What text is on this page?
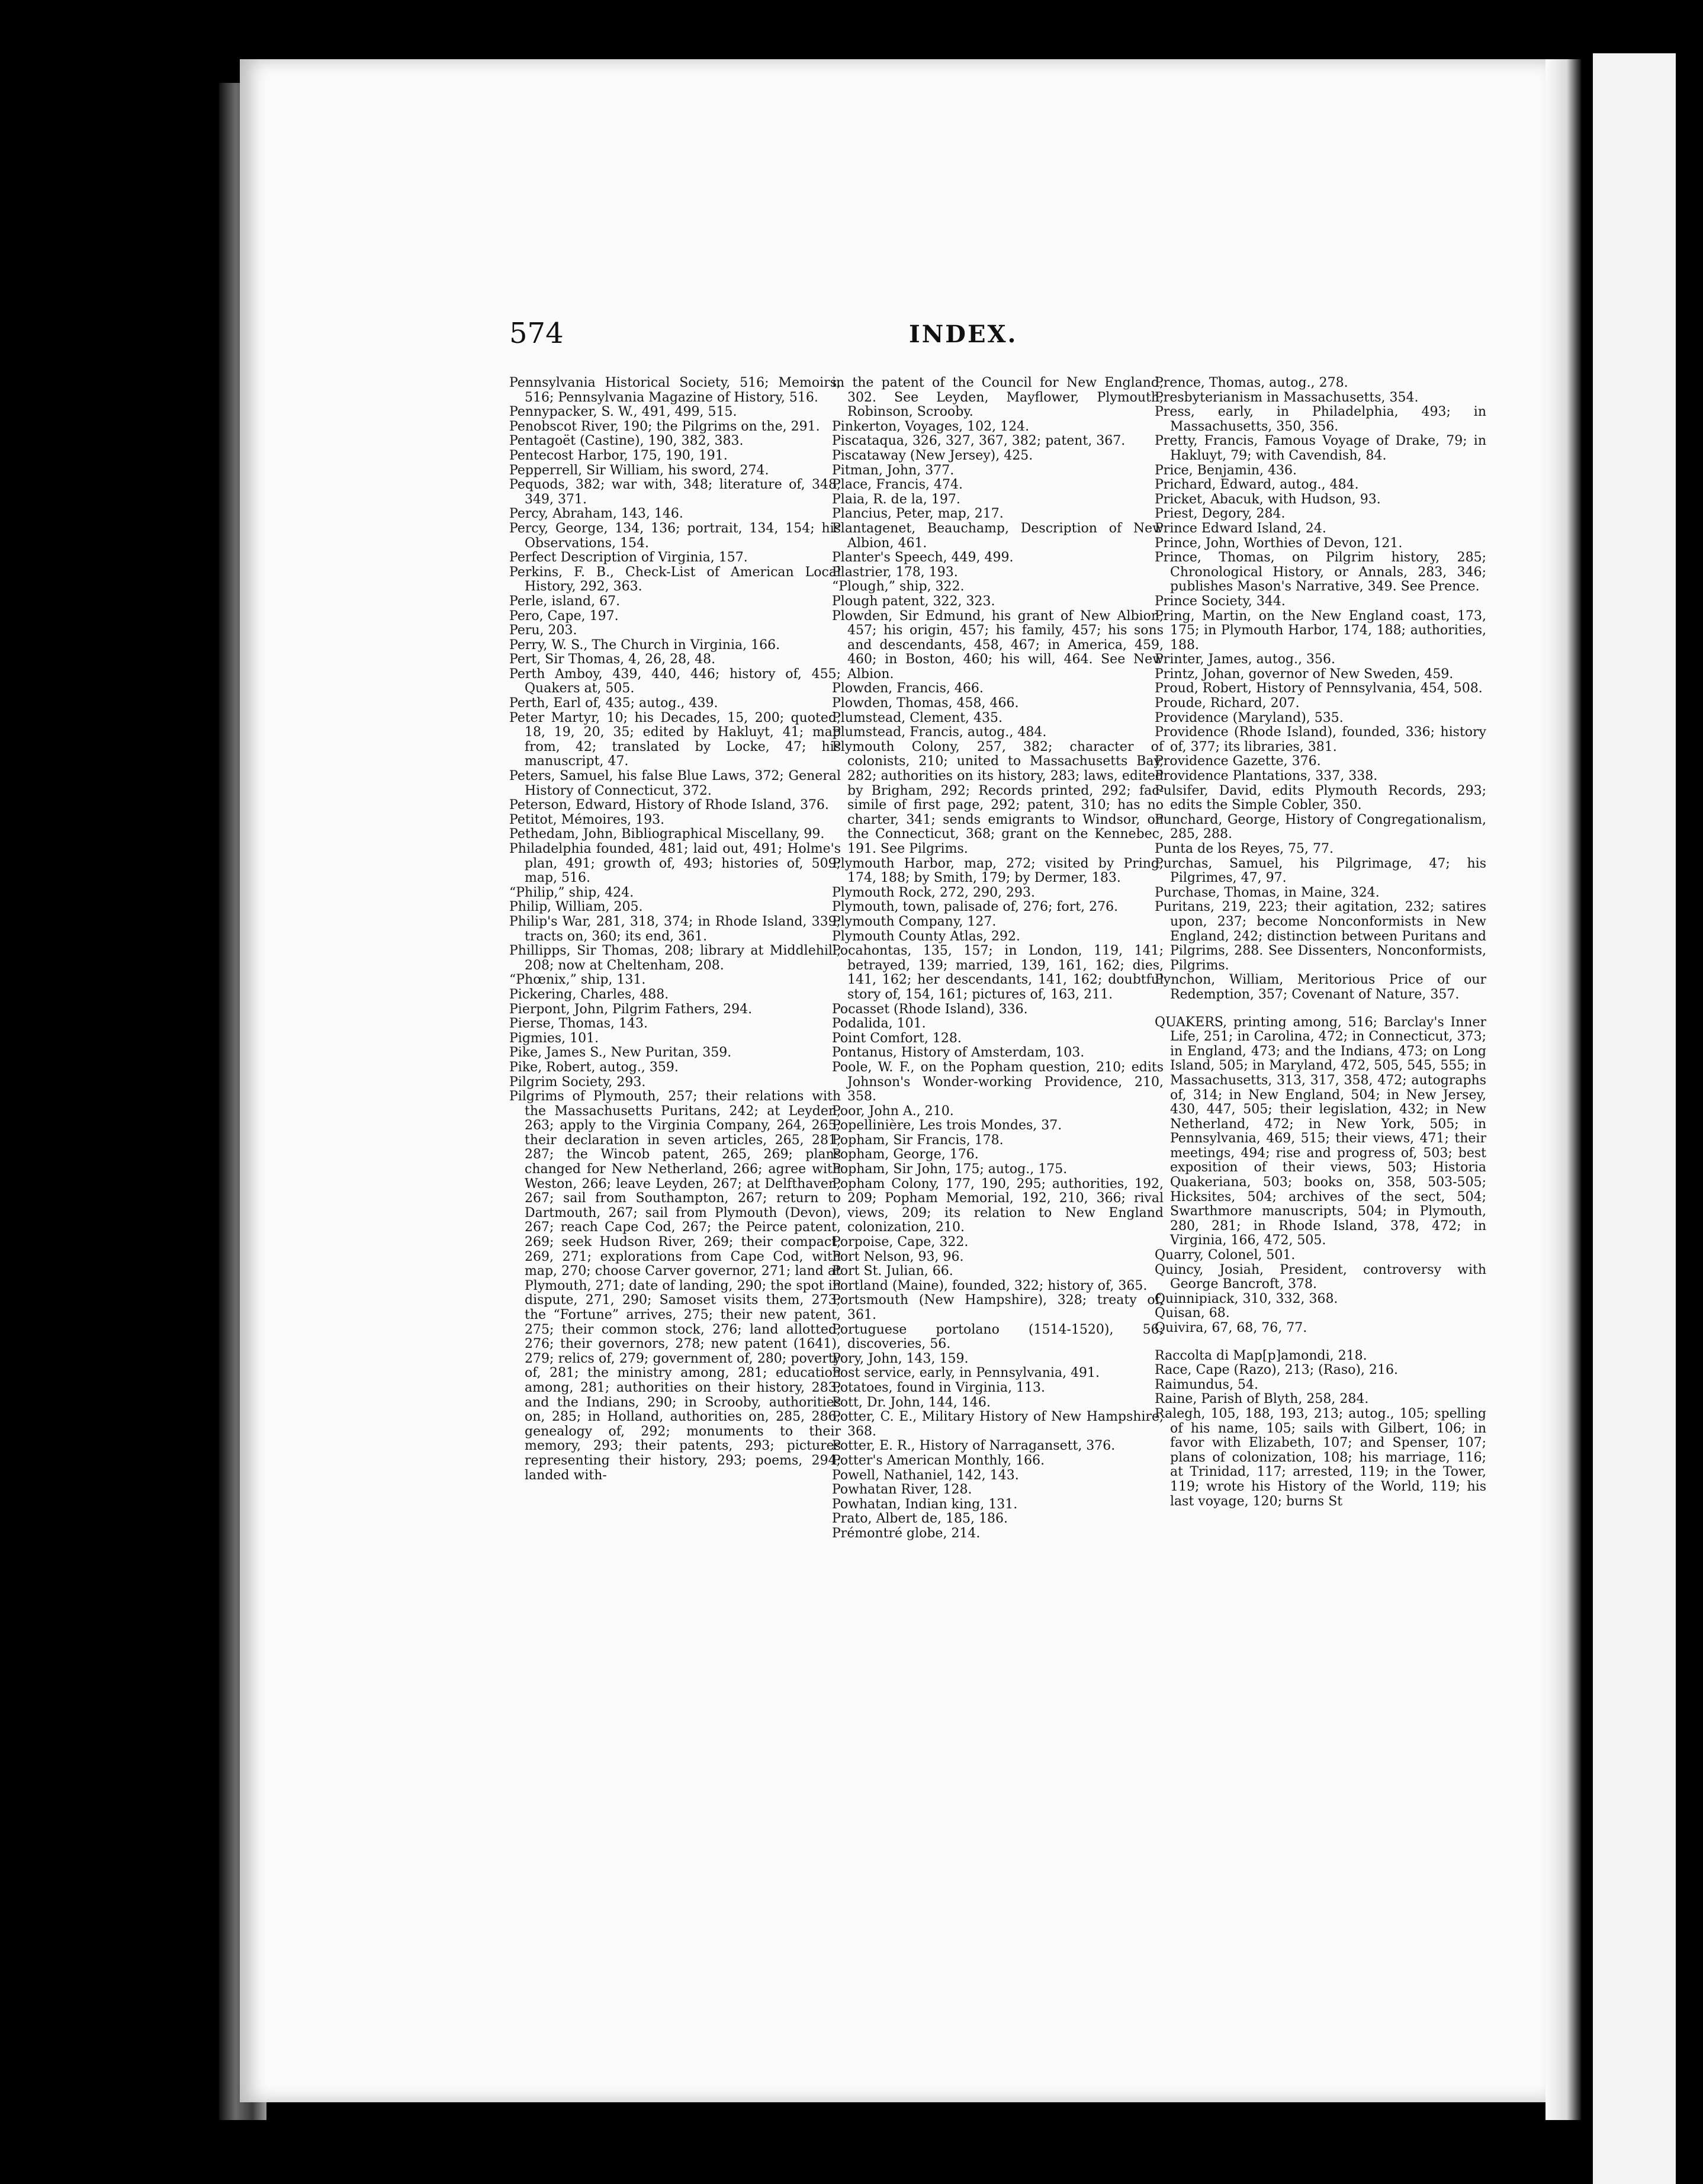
574	INDEX.

Pennsylvania Historical Society, 516; Memoirs, 516; Pennsylvania Magazine of History, 516.

Pennypacker, S. W., 491, 499, 515.

Penobscot River, 190; the Pilgrims on the, 291.

Pentagoët (Castine), 190, 382, 383.

Pentecost Harbor, 175, 190, 191.

Pepperrell, Sir William, his sword, 274.

Pequods, 382; war with, 348; literature of, 348, 349, 371.

Percy, Abraham, 143, 146.

Percy, George, 134, 136; portrait, 134, 154; his Observations, 154.

Perfect Description of Virginia, 157.

Perkins, F. B., Check-List of American Local History, 292, 363.

Perle, island, 67.

Pero, Cape, 197.

Peru, 203.

Perry, W. S., The Church in Virginia, 166.

Pert, Sir Thomas, 4, 26, 28, 48.

Perth Amboy, 439, 440, 446; history of, 455; Quakers at, 505.

Perth, Earl of, 435; autog., 439.

Peter Martyr, 10; his Decades, 15, 200; quoted, 18, 19, 20, 35; edited by Hakluyt, 41; map from, 42; translated by Locke, 47; his manuscript, 47.

Peters, Samuel, his false Blue Laws, 372; General History of Connecticut, 372.

Peterson, Edward, History of Rhode Island, 376.

Petitot, Mémoires, 193.

Pethedam, John, Bibliographical Miscellany, 99.

Philadelphia founded, 481; laid out, 491; Holme's plan, 491; growth of, 493; histories of, 509; map, 516.

“Philip,” ship, 424.

Philip, William, 205.

Philip's War, 281, 318, 374; in Rhode Island, 339; tracts on, 360; its end, 361.

Phillipps, Sir Thomas, 208; library at Middlehill, 208; now at Cheltenham, 208.

“Phœnix,” ship, 131.

Pickering, Charles, 488.

Pierpont, John, Pilgrim Fathers, 294.

Pierse, Thomas, 143.

Pigmies, 101.

Pike, James S., New Puritan, 359.

Pike, Robert, autog., 359.

Pilgrim Society, 293.

Pilgrims of Plymouth, 257; their relations with the Massachusetts Puritans, 242; at Leyden, 263; apply to the Virginia Company, 264, 265; their declaration in seven articles, 265, 281, 287; the Wincob patent, 265, 269; plans changed for New Netherland, 266; agree with Weston, 266; leave Leyden, 267; at Delfthaven, 267; sail from Southampton, 267; return to Dartmouth, 267; sail from Plymouth (Devon), 267; reach Cape Cod, 267; the Peirce patent, 269; seek Hudson River, 269; their compact, 269, 271; explorations from Cape Cod, with map, 270; choose Carver governor, 271; land at Plymouth, 271; date of landing, 290; the spot in dispute, 271, 290; Samoset visits them, 273; the “Fortune” arrives, 275; their new patent, 275; their common stock, 276; land allotted, 276; their governors, 278; new patent (1641), 279; relics of, 279; government of, 280; poverty of, 281; the ministry among, 281; education among, 281; authorities on their history, 283; and the Indians, 290; in Scrooby, authorities on, 285; in Holland, authorities on, 285, 286; genealogy of, 292; monuments to their memory, 293; their patents, 293; pictures representing their history, 293; poems, 294; landed with-

in the patent of the Council for New England, 302. See Leyden, Mayflower, Plymouth, Robinson, Scrooby.

Pinkerton, Voyages, 102, 124.

Piscataqua, 326, 327, 367, 382; patent, 367.

Piscataway (New Jersey), 425.

Pitman, John, 377.

Place, Francis, 474.

Plaia, R. de la, 197.

Plancius, Peter, map, 217.

Plantagenet, Beauchamp, Description of New Albion, 461.

Planter's Speech, 449, 499.

Plastrier, 178, 193.

“Plough,” ship, 322.

Plough patent, 322, 323.

Plowden, Sir Edmund, his grant of New Albion, 457; his origin, 457; his family, 457; his sons and descendants, 458, 467; in America, 459, 460; in Boston, 460; his will, 464. See New Albion.

Plowden, Francis, 466.

Plowden, Thomas, 458, 466.

Plumstead, Clement, 435.

Plumstead, Francis, autog., 484.

Plymouth Colony, 257, 382; character of colonists, 210; united to Massachusetts Bay, 282; authorities on its history, 283; laws, edited by Brigham, 292; Records printed, 292; fac-simile of first page, 292; patent, 310; has no charter, 341; sends emigrants to Windsor, on the Connecticut, 368; grant on the Kennebec, 191. See Pilgrims.

Plymouth Harbor, map, 272; visited by Pring, 174, 188; by Smith, 179; by Dermer, 183.

Plymouth Rock, 272, 290, 293.

Plymouth, town, palisade of, 276; fort, 276.

Plymouth Company, 127.

Plymouth County Atlas, 292.

Pocahontas, 135, 157; in London, 119, 141; betrayed, 139; married, 139, 161, 162; dies, 141, 162; her descendants, 141, 162; doubtful story of, 154, 161; pictures of, 163, 211.

Pocasset (Rhode Island), 336.

Podalida, 101.

Point Comfort, 128.

Pontanus, History of Amsterdam, 103.

Poole, W. F., on the Popham question, 210; edits Johnson's Wonder-working Providence, 210, 358.

Poor, John A., 210.

Popellinière, Les trois Mondes, 37.

Popham, Sir Francis, 178.

Popham, George, 176.

Popham, Sir John, 175; autog., 175.

Popham Colony, 177, 190, 295; authorities, 192, 209; Popham Memorial, 192, 210, 366; rival views, 209; its relation to New England colonization, 210.

Porpoise, Cape, 322.

Port Nelson, 93, 96.

Port St. Julian, 66.

Portland (Maine), founded, 322; history of, 365.

Portsmouth (New Hampshire), 328; treaty of, 361.

Portuguese portolano (1514-1520), 56; discoveries, 56.

Pory, John, 143, 159.

Post service, early, in Pennsylvania, 491.

Potatoes, found in Virginia, 113.

Pott, Dr. John, 144, 146.

Potter, C. E., Military History of New Hampshire, 368.

Potter, E. R., History of Narragansett, 376.

Potter's American Monthly, 166.

Powell, Nathaniel, 142, 143.

Powhatan River, 128.

Powhatan, Indian king, 131.

Prato, Albert de, 185, 186.

Prémontré globe, 214.

Prence, Thomas, autog., 278.

Presbyterianism in Massachusetts, 354.

Press, early, in Philadelphia, 493; in Massachusetts, 350, 356.

Pretty, Francis, Famous Voyage of Drake, 79; in Hakluyt, 79; with Cavendish, 84.

Price, Benjamin, 436.

Prichard, Edward, autog., 484.

Pricket, Abacuk, with Hudson, 93.

Priest, Degory, 284.

Prince Edward Island, 24.

Prince, John, Worthies of Devon, 121.

Prince, Thomas, on Pilgrim history, 285; Chronological History, or Annals, 283, 346; publishes Mason's Narrative, 349. See Prence.

Prince Society, 344.

Pring, Martin, on the New England coast, 173, 175; in Plymouth Harbor, 174, 188; authorities, 188.

Printer, James, autog., 356.

Printz, Johan, governor of New Sweden, 459.

Proud, Robert, History of Pennsylvania, 454, 508.

Proude, Richard, 207.

Providence (Maryland), 535.

Providence (Rhode Island), founded, 336; history of, 377; its libraries, 381.

Providence Gazette, 376.

Providence Plantations, 337, 338.

Pulsifer, David, edits Plymouth Records, 293; edits the Simple Cobler, 350.

Punchard, George, History of Congregationalism, 285, 288.

Punta de los Reyes, 75, 77.

Purchas, Samuel, his Pilgrimage, 47; his Pilgrimes, 47, 97.

Purchase, Thomas, in Maine, 324.

Puritans, 219, 223; their agitation, 232; satires upon, 237; become Nonconformists in New England, 242; distinction between Puritans and Pilgrims, 288. See Dissenters, Nonconformists, Pilgrims.

Pynchon, William, Meritorious Price of our Redemption, 357; Covenant of Nature, 357.

QUAKERS, printing among, 516; Barclay's Inner Life, 251; in Carolina, 472; in Connecticut, 373; in England, 473; and the Indians, 473; on Long Island, 505; in Maryland, 472, 505, 545, 555; in Massachusetts, 313, 317, 358, 472; autographs of, 314; in New England, 504; in New Jersey, 430, 447, 505; their legislation, 432; in New Netherland, 472; in New York, 505; in Pennsylvania, 469, 515; their views, 471; their meetings, 494; rise and progress of, 503; best exposition of their views, 503; Historia Quakeriana, 503; books on, 358, 503-505; Hicksites, 504; archives of the sect, 504; Swarthmore manuscripts, 504; in Plymouth, 280, 281; in Rhode Island, 378, 472; in Virginia, 166, 472, 505.

Quarry, Colonel, 501.

Quincy, Josiah, President, controversy with George Bancroft, 378.

Quinnipiack, 310, 332, 368.

Quisan, 68.

Quivira, 67, 68, 76, 77.

Raccolta di Map[p]amondi, 218.

Race, Cape (Razo), 213; (Raso), 216.

Raimundus, 54.

Raine, Parish of Blyth, 258, 284.

Ralegh, 105, 188, 193, 213; autog., 105; spelling of his name, 105; sails with Gilbert, 106; in favor with Elizabeth, 107; and Spenser, 107; plans of colonization, 108; his marriage, 116; at Trinidad, 117; arrested, 119; in the Tower, 119; wrote his History of the World, 119; his last voyage, 120; burns St
